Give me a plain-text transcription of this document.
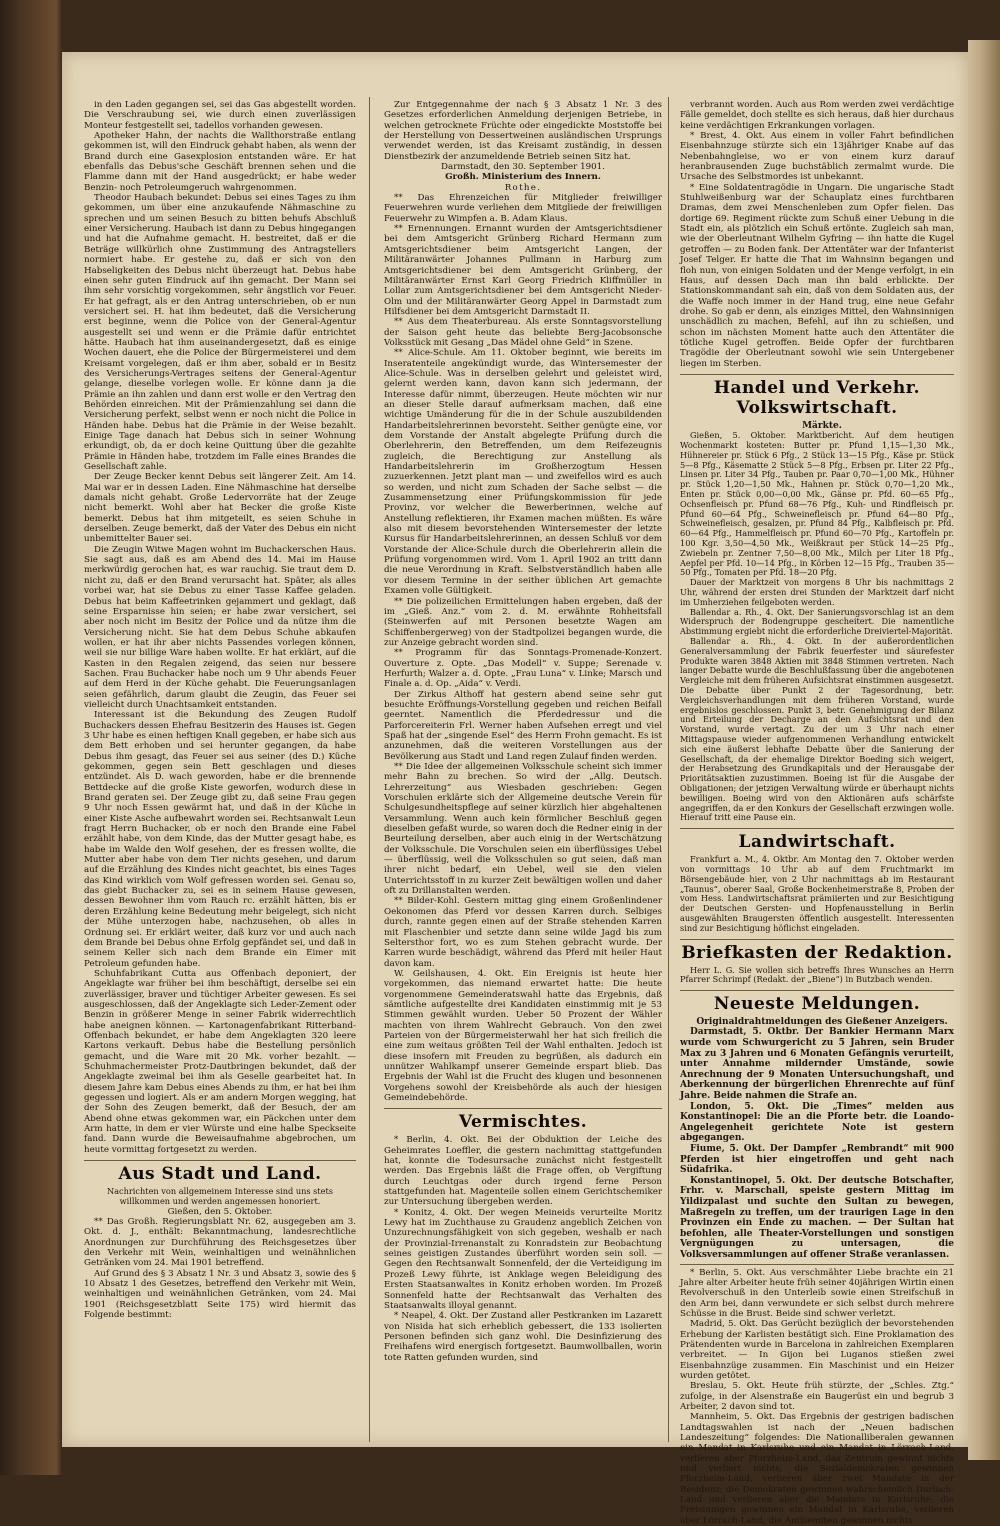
in den Laden gegangen sei, sei das Gas abgestellt worden. Die Verschraubung sei, wie durch einen zuverlässigen Monteur festgestellt sei, tadellos vorhanden gewesen.

Apotheker Hahn, der nachts die Wallthorstraße entlang gekommen ist, will den Eindruck gehabt haben, als wenn der Brand durch eine Gasexplosion entstanden wäre. Er hat ebenfalls das Debus'sche Geschäft brennen sehen und die Flamme dann mit der Hand ausgedrückt; er habe weder Benzin- noch Petroleumgeruch wahrgenommen.

Theodor Haubach bekundet: Debus sei eines Tages zu ihm gekommen, um über eine anzukaufende Nähmaschine zu sprechen und um seinen Besuch zu bitten behufs Abschluß einer Versicherung. Haubach ist dann zu Debus hingegangen und hat die Aufnahme gemacht. H. bestreitet, daß er die Beträge willkürlich ohne Zustimmung des Antragstellers normiert habe. Er gestehe zu, daß er sich von den Habseligkeiten des Debus nicht überzeugt hat. Debus habe einen sehr guten Eindruck auf ihn gemacht. Der Mann sei ihm sehr vorsichtig vorgekommen, sehr ängstlich vor Feuer. Er hat gefragt, als er den Antrag unterschrieben, ob er nun versichert sei. H. hat ihm bedeutet, daß die Versicherung erst beginne, wenn die Police von der General-Agentur ausgestellt sei und wenn er die Prämie dafür entrichtet hätte. Haubach hat ihm auseinandergesetzt, daß es einige Wochen dauert, ehe die Police der Bürgermeisterei und dem Kreisamt vorgelegen, daß er ihm aber, sobald er in Besitz des Versicherungs-Vertrages seitens der General-Agentur gelange, dieselbe vorlegen wolle. Er könne dann ja die Prämie an ihn zahlen und dann erst wolle er den Vertrag den Behörden einreichen. Mit der Prämienzahlung sei dann die Versicherung perfekt, selbst wenn er noch nicht die Police in Händen habe. Debus hat die Prämie in der Weise bezahlt. Einige Tage danach hat Debus sich in seiner Wohnung erkundigt, ob, da er doch keine Quittung über die gezahlte Prämie in Händen habe, trotzdem im Falle eines Brandes die Gesellschaft zahle.

Der Zeuge Becker kennt Debus seit längerer Zeit. Am 14. Mai war er in dessen Laden. Eine Nähmaschine hat derselbe damals nicht gehabt. Große Ledervorräte hat der Zeuge nicht bemerkt. Wohl aber hat Becker die große Kiste bemerkt. Debus hat ihm mitgeteilt, es seien Schuhe in derselben. Zeuge bemerkt, daß der Vater des Debus ein nicht unbemittelter Bauer sei.

Die Zeugin Witwe Magen wohnt im Buchackerschen Haus. Sie sagt aus, daß es am Abend des 14. Mai im Hause merkwürdig gerochen hat, es war rauchig. Sie traut dem D. nicht zu, daß er den Brand verursacht hat. Später, als alles vorbei war, hat sie Debus zu einer Tasse Kaffee geladen. Debus hat beim Kaffeetrinken gejammert und geklagt, daß seine Ersparnisse hin seien; er habe zwar versichert, sei aber noch nicht im Besitz der Police und da nütze ihm die Versicherung nicht. Sie hat dem Debus Schuhe abkaufen wollen, er hat ihr aber nichts Passendes vorlegen können, weil sie nur billige Ware haben wollte. Er hat erklärt, auf die Kasten in den Regalen zeigend, das seien nur bessere Sachen. Frau Buchacker habe noch um 9 Uhr abends Feuer auf dem Herd in der Küche gehabt. Die Feuerungsanlagen seien gefährlich, darum glaubt die Zeugin, das Feuer sei vielleicht durch Unachtsamkeit entstanden.

Interessant ist die Bekundung des Zeugen Rudolf Buchackers dessen Ehefrau Besitzerin des Hauses ist. Gegen 3 Uhr habe es einen heftigen Knall gegeben, er habe sich aus dem Bett erhoben und sei herunter gegangen, da habe Debus ihm gesagt, das Feuer sei aus seiner (des D.) Küche gekommen, gegen sein Bett geschlagen und dieses entzündet. Als D. wach geworden, habe er die brennende Bettdecke auf die große Kiste geworfen, wodurch diese in Brand geraten sei. Der Zeuge gibt zu, daß seine Frau gegen 9 Uhr noch Essen gewärmt hat, und daß in der Küche in einer Kiste Asche aufbewahrt worden sei. Rechtsanwalt Leun fragt Herrn Buchacker, ob er noch den Brande eine Fabel erzählt habe, von dem Kinde, das der Mutter gesagt habe, es habe im Walde den Wolf gesehen, der es fressen wollte, die Mutter aber habe von dem Tier nichts gesehen, und darum auf die Erzählung des Kindes nicht geachtet, bis eines Tages das Kind wirklich vom Wolf gefressen worden sei. Genau so, das giebt Buchacker zu, sei es in seinem Hause gewesen, dessen Bewohner ihm vom Rauch rc. erzählt hätten, bis er deren Erzählung keine Bedeutung mehr beigelegt, sich nicht der Mühe unterzogen habe, nachzusehen, ob alles in Ordnung sei. Er erklärt weiter, daß kurz vor und auch nach dem Brande bei Debus ohne Erfolg gepfändet sei, und daß in seinem Keller sich nach dem Brande ein Eimer mit Petroleum gefunden habe.

Schuhfabrikant Cutta aus Offenbach deponiert, der Angeklagte war früher bei ihm beschäftigt, derselbe sei ein zuverlässiger, braver und tüchtiger Arbeiter gewesen. Es sei ausgeschlossen, daß der Angeklagte sich Leder-Zement oder Benzin in größerer Menge in seiner Fabrik widerrechtlich habe aneignen können. — Kartonagenfabrikant Ritterband-Offenbach bekundet, er habe dem Angeklagten 320 leere Kartons verkauft. Debus habe die Bestellung persönlich gemacht, und die Ware mit 20 Mk. vorher bezahlt. — Schuhmachermeister Protz-Dautbringen bekundet, daß der Angeklagte zweimal bei ihm als Geselle gearbeitet hat. In diesem Jahre kam Debus eines Abends zu ihm, er hat bei ihm gegessen und logiert. Als er am andern Morgen wegging, hat der Sohn des Zeugen bemerkt, daß der Besuch, der am Abend ohne etwas gekommen war, ein Päckchen unter dem Arm hatte, in dem er vier Würste und eine halbe Speckseite fand. Dann wurde die Beweisaufnahme abgebrochen, um heute vormittag fortgesetzt zu werden.

Aus Stadt und Land.

Nachrichten von allgemeinem Interesse sind uns stets willkommen und werden angemessen honoriert.

Gießen, den 5. Oktober.

** Das Großh. Regierungsblatt Nr. 62, ausgegeben am 3. Okt. d. J., enthält: Bekanntmachung, landesrechtliche Anordnungen zur Durchführung des Reichsgesetzes über den Verkehr mit Wein, weinhaltigen und weinähnlichen Getränken vom 24. Mai 1901 betreffend.

Auf Grund des § 3 Absatz 1 Nr. 3 und Absatz 3, sowie des § 10 Absatz 1 des Gesetzes, betreffend den Verkehr mit Wein, weinhaltigen und weinähnlichen Getränken, vom 24. Mai 1901 (Reichsgesetzblatt Seite 175) wird hiermit das Folgende bestimmt:

Zur Entgegennahme der nach § 3 Absatz 1 Nr. 3 des Gesetzes erforderlichen Anmeldung derjenigen Betriebe, in welchen getrocknete Früchte oder eingedickte Moststoffe bei der Herstellung von Dessertweinen ausländischen Ursprungs verwendet werden, ist das Kreisamt zuständig, in dessen Dienstbezirk der anzumeldende Betrieb seinen Sitz hat.

Darmstadt, den 30. September 1901.

Großh. Ministerium des Innern.

Rothe.

** Das Ehrenzeichen für Mitglieder freiwilliger Feuerwehren wurde verliehen dem Mitgliede der freiwilligen Feuerwehr zu Wimpfen a. B. Adam Klaus.

** Ernennungen. Ernannt wurden der Amtsgerichtsdiener bei dem Amtsgericht Grünberg Richard Hermann zum Amtsgerichtsdiener beim Amtsgericht Langen, der Militäranwärter Johannes Pullmann in Harburg zum Amtsgerichtsdiener bei dem Amtsgericht Grünberg, der Militäranwärter Ernst Karl Georg Friedrich Kliffmüller in Lollar zum Amtsgerichtsdiener bei dem Amtsgericht Nieder-Olm und der Militäranwärter Georg Appel in Darmstadt zum Hilfsdiener bei dem Amtsgericht Darmstadt II.

** Aus dem Theaterbureau. Als erste Sonntagsvorstellung der Saison geht heute das beliebte Berg-Jacobsonsche Volksstück mit Gesang „Das Mädel ohne Geld“ in Szene.

** Alice-Schule. Am 11. Oktober beginnt, wie bereits im Inseratenteile angekündigt wurde, das Wintersemester der Alice-Schule. Was in derselben gelehrt und geleistet wird, gelernt werden kann, davon kann sich jedermann, der Interesse dafür nimmt, überzeugen. Heute möchten wir nur an dieser Stelle darauf aufmerksam machen, daß eine wichtige Umänderung für die in der Schule auszubildenden Handarbeitslehrerinnen bevorsteht. Seither genügte eine, vor dem Vorstande der Anstalt abgelegte Prüfung durch die Oberlehrerin, den Betreffenden, um dem Reifezeugnis zugleich, die Berechtigung zur Anstellung als Handarbeitslehrerin im Großherzogtum Hessen zuzuerkennen. Jetzt plant man — und zweifellos wird es auch so werden, und nicht zum Schaden der Sache selbst — die Zusammensetzung einer Prüfungskommission für jede Provinz, vor welcher die Bewerberinnen, welche auf Anstellung reflektieren, ihr Examen machen müßten. Es wäre also mit diesem bevorstehenden Wintersemester der letzte Kursus für Handarbeitslehrerinnen, an dessen Schluß vor dem Vorstande der Alice-Schule durch die Oberlehrerin allein die Prüfung vorgenommen wird. Vom 1. April 1902 an tritt dann die neue Verordnung in Kraft. Selbstverständlich haben alle vor diesem Termine in der seither üblichen Art gemachte Examen volle Gültigkeit.

** Die polizeilichen Ermittelungen haben ergeben, daß der im „Gieß. Anz.“ vom 2. d. M. erwähnte Rohheitsfall (Steinwerfen auf mit Personen besetzte Wagen am Schiffenbergerweg) von der Stadtpolizei begangen wurde, die zur Anzeige gebracht worden sind.

** Programm für das Sonntags-Promenade-Konzert. Ouverture z. Opte. „Das Modell“ v. Suppe; Serenade v. Herfurth; Walzer a. d. Opte. „Frau Luna“ v. Linke; Marsch und Finale a. d. Op. „Aida“ v. Verdi.

Der Zirkus Althoff hat gestern abend seine sehr gut besuchte Eröffnungs-Vorstellung gegeben und reichen Beifall geerntet. Namentlich die Pferdedressur und die Parforcereiterin Frl. Werner haben Aufsehen erregt und viel Spaß hat der „singende Esel“ des Herrn Frohn gemacht. Es ist anzunehmen, daß die weiteren Vorstellungen aus der Bevölkerung aus Stadt und Land regen Zulauf finden werden.

** Die Idee der allgemeinen Volksschule scheint sich immer mehr Bahn zu brechen. So wird der „Allg. Deutsch. Lehrerzeitung“ aus Wiesbaden geschrieben: Gegen Vorschulen erklärte sich der Allgemeine deutsche Verein für Schulgesundheitspflege auf seiner kürzlich hier abgehaltenen Versammlung. Wenn auch kein förmlicher Beschluß gegen dieselben gefaßt wurde, so waren doch die Redner einig in der Beurteilung derselben, aber auch einig in der Wertschätzung der Volksschule. Die Vorschulen seien ein überflüssiges Uebel — überflüssig, weil die Volksschulen so gut seien, daß man ihrer nicht bedarf, ein Uebel, weil sie den vielen Unterrichtsstoff in zu kurzer Zeit bewältigen wollen und daher oft zu Drillanstalten werden.

** Bilder-Kohl. Gestern mittag ging einem Großenlindener Oekonomen das Pferd vor dessen Karren durch. Selbiges durch, rannte gegen einen auf der Straße stehenden Karren mit Flaschenbier und setzte dann seine wilde Jagd bis zum Seltersthor fort, wo es zum Stehen gebracht wurde. Der Karren wurde beschädigt, während das Pferd mit heiler Haut davon kam.

W. Geilshausen, 4. Okt. Ein Ereignis ist heute hier vorgekommen, das niemand erwartet hatte: Die heute vorgenommene Gemeinderatswahl hatte das Ergebnis, daß sämtliche aufgestellte drei Kandidaten einstimmig mit je 53 Stimmen gewählt wurden. Ueber 50 Prozent der Wähler machten von ihrem Wahlrecht Gebrauch. Von den zwei Parteien von der Bürgermeisterwahl her hat sich freilich die eine zum weitaus größten Teil der Wahl enthalten. Jedoch ist diese insofern mit Freuden zu begrüßen, als dadurch ein unnützer Wahlkampf unserer Gemeinde erspart blieb. Das Ergebnis der Wahl ist die Frucht des klugen und besonnenen Vorgehens sowohl der Kreisbehörde als auch der hiesigen Gemeindebehörde.

Vermischtes.

* Berlin, 4. Okt. Bei der Obduktion der Leiche des Geheimrates Loeffler, die gestern nachmittag stattgefunden hat, konnte die Todesursache zunächst nicht festgestellt werden. Das Ergebnis läßt die Frage offen, ob Vergiftung durch Leuchtgas oder durch irgend ferne Person stattgefunden hat. Magenteile sollen einem Gerichtschemiker zur Untersuchung übergeben werden.

* Konitz, 4. Okt. Der wegen Meineids verurteilte Moritz Lewy hat im Zuchthause zu Graudenz angeblich Zeichen von Unzurechnungsfähigkeit von sich gegeben, weshalb er nach der Provinzial-Irrenanstalt zu Konradstein zur Beobachtung seines geistigen Zustandes überführt worden sein soll. — Gegen den Rechtsanwalt Sonnenfeld, der die Verteidigung im Prozeß Lewy führte, ist Anklage wegen Beleidigung des Ersten Staatsanwaltes in Konitz erhoben worden. Im Prozeß Sonnenfeld hatte der Rechtsanwalt das Verhalten des Staatsanwalts illoyal genannt.

* Neapel, 4. Okt. Der Zustand aller Pestkranken im Lazarett von Nisida hat sich erheblich gebessert, die 133 isolierten Personen befinden sich ganz wohl. Die Desinfizierung des Freihafens wird energisch fortgesetzt. Baumwollballen, worin tote Ratten gefunden wurden, sind

verbrannt worden. Auch aus Rom werden zwei verdächtige Fälle gemeldet, doch stellte es sich heraus, daß hier durchaus keine verdächtigen Erkrankungen vorlagen.

* Brest, 4. Okt. Aus einem in voller Fahrt befindlichen Eisenbahnzuge stürzte sich ein 13jähriger Knabe auf das Nebenbahngleise, wo er von einem kurz darauf heranbrausenden Zuge buchstäblich zermalmt wurde. Die Ursache des Selbstmordes ist unbekannt.

* Eine Soldatentragödie in Ungarn. Die ungarische Stadt Stuhlweißenburg war der Schauplatz eines furchtbaren Dramas, dem zwei Menschenleben zum Opfer fielen. Das dortige 69. Regiment rückte zum Schuß einer Uebung in die Stadt ein, als plötzlich ein Schuß ertönte. Zugleich sah man, wie der Oberleutnant Wilhelm Gyfring — ihn hatte die Kugel getroffen — zu Boden fank. Der Attentäter war der Infanterist Josef Telger. Er hatte die That im Wahnsinn begangen und floh nun, von einigen Soldaten und der Menge verfolgt, in ein Haus, auf dessen Dach man ihn bald erblickte. Der Stationskommandant sah ein, daß von dem Soldaten aus, der die Waffe noch immer in der Hand trug, eine neue Gefahr drohe. So gab er denn, als einziges Mittel, den Wahnsinnigen unschädlich zu machen, Befehl, auf ihn zu schießen, und schon im nächsten Moment hatte auch den Attentäter die tötliche Kugel getroffen. Beide Opfer der furchtbaren Tragödie der Oberleutnant sowohl wie sein Untergebener liegen im Sterben.

Handel und Verkehr. Volkswirtschaft.

Märkte.

Gießen, 5. Oktober. Marktbericht. Auf dem heutigen Wochenmarkt kosteten: Butter pr. Pfund 1,15—1,30 Mk., Hühnereier pr. Stück 6 Pfg., 2 Stück 13—15 Pfg., Käse pr. Stück 5—8 Pfg., Käsematte 2 Stück 5—8 Pfg., Erbsen pr. Liter 22 Pfg., Linsen pr. Liter 34 Pfg., Tauben pr. Paar 0,70—1,00 Mk., Hühner pr. Stück 1,20—1,50 Mk., Hahnen pr. Stück 0,70—1,20 Mk., Enten pr. Stück 0,00—0,00 Mk., Gänse pr. Pfd. 60—65 Pfg., Ochsenfleisch pr. Pfund 68—76 Pfg., Kuh- und Rindfleisch pr. Pfund 60—64 Pfg., Schweinefleisch pr. Pfund 64—80 Pfg., Schweinefleisch, gesalzen, pr. Pfund 84 Pfg., Kalbfleisch pr. Pfd. 60—64 Pfg., Hammelfleisch pr. Pfund 60—70 Pfg., Kartoffeln pr. 100 Kgr. 3,50—4,50 Mk., Weißkraut per Stück 14—25 Pfg., Zwiebeln pr. Zentner 7,50—8,00 Mk., Milch per Liter 18 Pfg., Aepfel per Pfd. 10—14 Pfg., in Körben 12—15 Pfg., Trauben 35—50 Pfg., Tomaten per Pfd. 18—20 Pfg.

Dauer der Marktzeit von morgens 8 Uhr bis nachmittags 2 Uhr, während der ersten drei Stunden der Marktzeit darf nicht im Umherziehen feilgeboten werden.

Ballendar a. Rh., 4. Okt. Der Sanierungsvorschlag ist an dem Widerspruch der Bodengruppe gescheitert. Die namentliche Abstimmung ergiebt nicht die erforderliche Dreiviertel-Majorität.

Ballendar a. Rh., 4. Okt. In der außerordentlichen Generalversammlung der Fabrik feuerfester und säurefester Produkte waren 3848 Aktien mit 3848 Stimmen vertreten. Nach langer Debatte wurde die Beschlußfassung über die angebotenen Vergleiche mit dem früheren Aufsichtsrat einstimmen ausgesetzt. Die Debatte über Punkt 2 der Tagesordnung, betr. Vergleichsverhandlungen mit dem früheren Vorstand, wurde ergebnislos geschlossen. Punkt 3, betr. Genehmigung der Bilanz und Erteilung der Decharge an den Aufsichtsrat und den Vorstand, wurde vertagt. Zu der um 3 Uhr nach einer Mittagspause wieder aufgenommenen Verhandlung entwickelt sich eine äußerst lebhafte Debatte über die Sanierung der Gesellschaft, da der ehemalige Direktor Boeding sich weigert, der Herabsetzung des Grundkapitals und der Herausgabe der Prioritätsaktien zuzustimmen. Boeing ist für die Ausgabe der Obligationen; der jetzigen Verwaltung würde er überhaupt nichts bewilligen. Boeing wird von den Aktionären aufs schärfste angegriffen, da er den Konkurs der Gesellschaft erzwingen wolle. Hierauf tritt eine Pause ein.

Landwirtschaft.

Frankfurt a. M., 4. Oktbr. Am Montag den 7. Oktober werden von vormittags 10 Uhr ab auf dem Fruchtmarkt im Börsengebäude hier, von 2 Uhr nachmittags ab im Restaurant „Taunus“, oberer Saal, Große Bockenheimerstraße 8, Proben der vom Hess. Landwirtschaftsrat prämiierten und zur Besichtigung der Deutschen Gersten- und Hopfenausstellung in Berlin ausgewählten Braugersten öffentlich ausgestellt. Interessenten sind zur Besichtigung höflichst eingeladen.

Briefkasten der Redaktion.

Herr L. G. Sie wollen sich betreffs Ihres Wunsches an Herrn Pfarrer Schrimpf (Redakt. der „Biene“) in Butzbach wenden.

Neueste Meldungen.

Originaldrahtmeldungen des Gießener Anzeigers.

Darmstadt, 5. Oktbr. Der Bankier Hermann Marx wurde vom Schwurgericht zu 5 Jahren, sein Bruder Max zu 3 Jahren und 6 Monaten Gefängnis verurteilt, unter Annahme mildernder Umstände, sowie Anrechnung der 9 Monaten Untersuchungshaft, und Aberkennung der bürgerlichen Ehrenrechte auf fünf Jahre. Beide nahmen die Strafe an.

London, 5. Okt. Die „Times“ melden aus Konstantinopel: Die an die Pforte betr. die Loando-Angelegenheit gerichtete Note ist gestern abgegangen.

Fiume, 5. Okt. Der Dampfer „Rembrandt“ mit 900 Pferden ist hier eingetroffen und geht nach Südafrika.

Konstantinopel, 5. Okt. Der deutsche Botschafter, Frhr. v. Marschall, speiste gestern Mittag im Yildizpalast und suchte den Sultan zu bewegen, Maßregeln zu treffen, um der traurigen Lage in den Provinzen ein Ende zu machen. — Der Sultan hat befohlen, alle Theater-Vorstellungen und sonstigen Vergnügungen zu untersagen, die Volksversammlungen auf offener Straße veranlassen.

* Berlin, 5. Okt. Aus verschmähter Liebe brachte ein 21 Jahre alter Arbeiter heute früh seiner 40jährigen Wirtin einen Revolverschuß in den Unterleib sowie einen Streifschuß in den Arm bei, dann verwundete er sich selbst durch mehrere Schüsse in die Brust. Beide sind schwer verletzt.

Madrid, 5. Okt. Das Gerücht bezüglich der bevorstehenden Erhebung der Karlisten bestätigt sich. Eine Proklamation des Prätendenten wurde in Barcelona in zahlreichen Exemplaren verbreitet. — In Gijon bei Luganos stießen zwei Eisenbahnzüge zusammen. Ein Maschinist und ein Heizer wurden getötet.

Breslau, 5. Okt. Heute früh stürzte, der „Schles. Ztg.“ zufolge, in der Alsenstraße ein Baugerüst ein und begrub 3 Arbeiter, 2 davon sind tot.

Mannheim, 5. Okt. Das Ergebnis der gestrigen badischen Landtagswahlen ist nach der „Neuen badischen Landeszeitung“ folgendes: Die Nationalliberalen gewannen ein Mandat in Karlsruhe und ein Mandat in Lörrach-Land, verlieren aber Pforzheim-Land, das Zentrum gewinnt nichts und verliert nichts; die Sozialdemokraten gewinnen Pforzheim-Land, verlieren aber zwei Mandate in der Residenz; die Demokraten gewinnen wahrscheinlich Durlach-Land und verlieren aber die Mandate in Karlsruhe; die Freisinnigen gewinnen ein Mandat in Karlsruhe, verlieren aber Lörrach-Land; die Antisemiten gewinnen nichts
